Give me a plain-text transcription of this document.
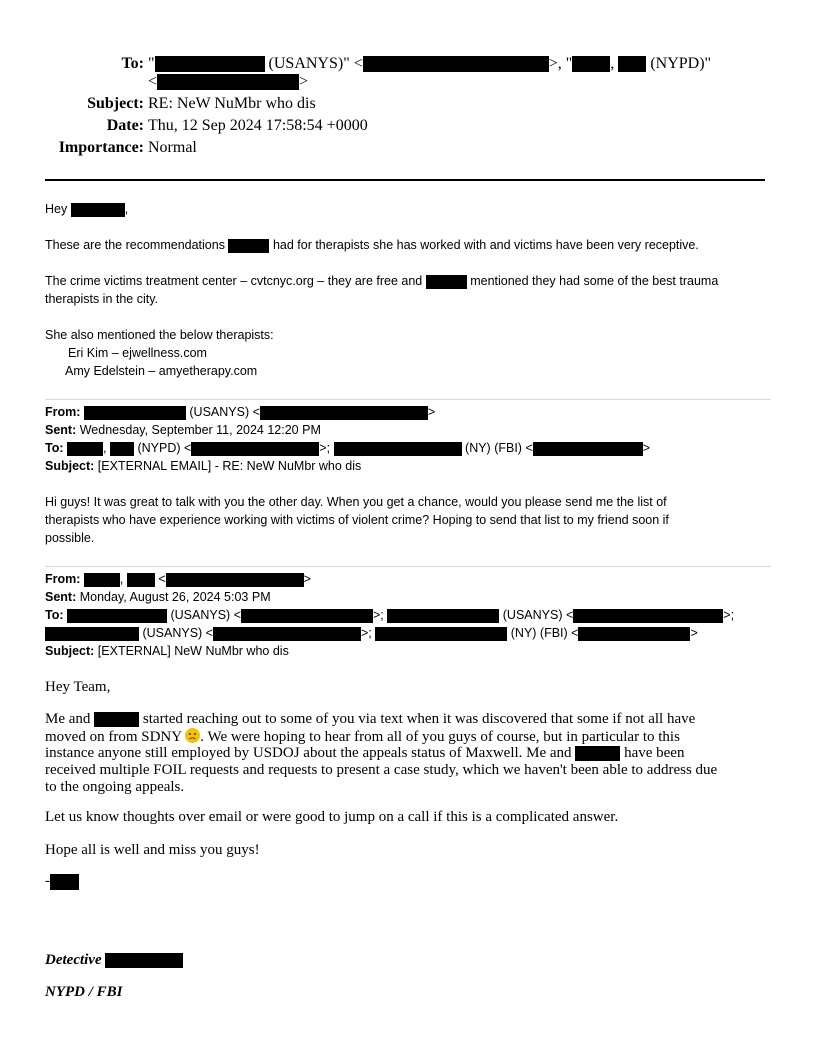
To: "	(USANYS)" <	>, " , (NYPD)"
<	>
Subject: RE: NeW NuMbr who dis
Date: Thu, 12 Sep 2024 17:58:54 +0000
Importance: Normal
Hey	,
These are the recommendations	had for therapists she has worked with and victims have been very receptive.
The crime victims treatment center – cvtcnyc.org – they are free and	mentioned they had some of the best trauma
therapists in the city.
She also mentioned the below therapists:
Eri Kim – ejwellness.com
Amy Edelstein – amyetherapy.com
From:	(USANYS) <	>
Sent: Wednesday, September 11, 2024 12:20 PM
To:	, (NYPD) <	>;	(NY) (FBI) <	>
Subject: [EXTERNAL EMAIL] - RE: NeW NuMbr who dis
Hi guys! It was great to talk with you the other day. When you get a chance, would you please send me the list of
therapists who have experience working with victims of violent crime? Hoping to send that list to my friend soon if
possible.
From:	,	<	>
Sent: Monday, August 26, 2024 5:03 PM
To:	(USANYS) <	>;	(USANYS) <	>;
(USANYS) <	>;	(NY) (FBI) <	>
Subject: [EXTERNAL] NeW NuMbr who dis
Hey Team,
Me and	started reaching out to some of you via text when it was discovered that some if not all have
moved on from SDNY . We were hoping to hear from all of you guys of course, but in particular to this
instance anyone still employed by USDOJ about the appeals status of Maxwell. Me and	have been
received multiple FOIL requests and requests to present a case study, which we haven't been able to address due
to the ongoing appeals.
Let us know thoughts over email or were good to jump on a call if this is a complicated answer.
Hope all is well and miss you guys!
-
Detective
NYPD / FBI
